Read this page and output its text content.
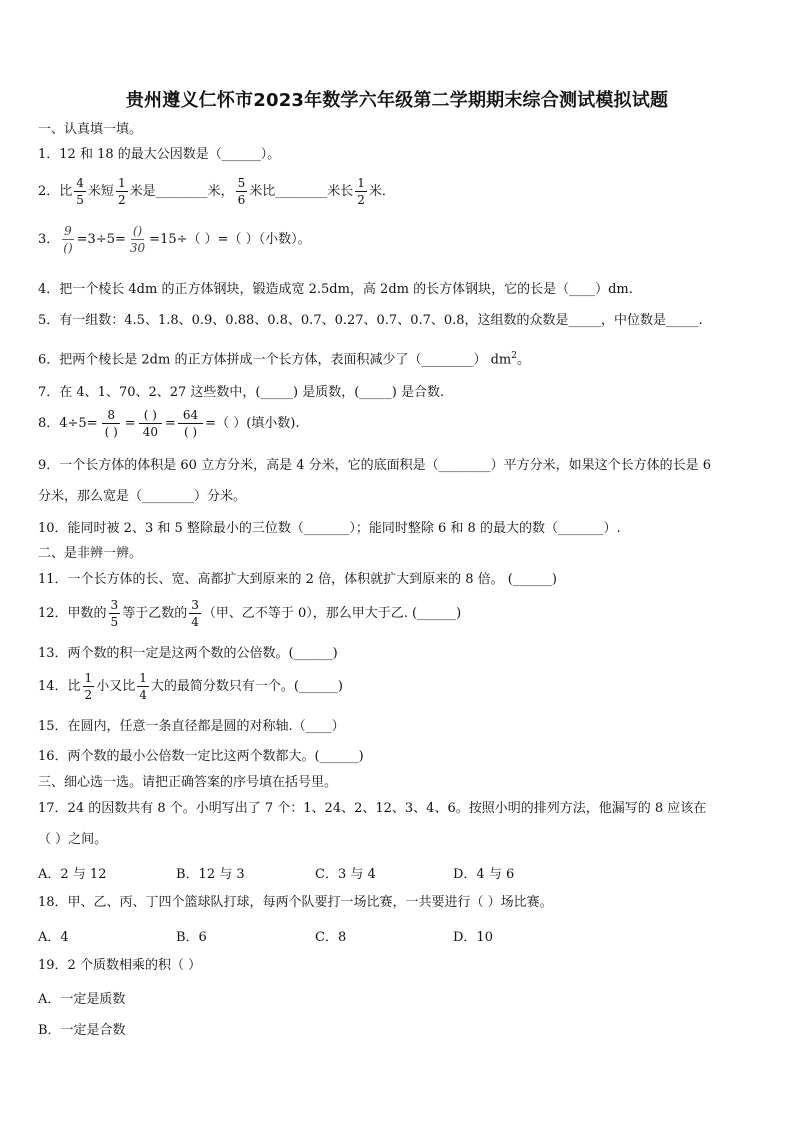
贵州遵义仁怀市2023年数学六年级第二学期期末综合测试模拟试题
一、认真填一填。
1．12 和 18 的最大公因数是（______）。
2．比 $\frac{4}{5}$ 米短 $\frac{1}{2}$ 米是________米， $\frac{5}{6}$ 米比________米长 $\frac{1}{2}$ 米．
3． $\frac{9}{()} =3\div 5= \frac{()}{30} =15\div$（ ）=（ ）（小数）。
4．把一个棱长 4dm 的正方体钢块，锻造成宽 2.5dm，高 2dm 的长方体钢块，它的长是（____）dm.
5．有一组数：4.5、1.8、0.9、0.88、0.8、0.7、0.27、0.7、0.7、0.8，这组数的众数是_____，中位数是_____.
6．把两个棱长是 2dm 的正方体拼成一个长方体，表面积减少了（________） $dm^2$。
7．在 4、1、70、2、27 这些数中，(_____) 是质数，(_____) 是合数.
8．$4\div 5= \frac{8}{( )} = \frac{( )}{40} = \frac{64}{( )}$ =（ ）(填小数).
9．一个长方体的体积是 60 立方分米，高是 4 分米，它的底面积是（________）平方分米，如果这个长方体的长是 6
分米，那么宽是（________）分米。
10．能同时被 2、3 和 5 整除最小的三位数（_______）；能同时整除 6 和 8 的最大的数（_______）.
二、是非辨一辨。
11．一个长方体的长、宽、高都扩大到原来的 2 倍，体积就扩大到原来的 8 倍。 (______)
12．甲数的 $\frac{3}{5}$ 等于乙数的 $\frac{3}{4}$ （甲、乙不等于 0），那么甲大于乙. (______)
13．两个数的积一定是这两个数的公倍数。(______)
14．比 $\frac{1}{2}$ 小又比 $\frac{1}{4}$ 大的最简分数只有一个。(______)
15．在圆内，任意一条直径都是圆的对称轴.（____）
16．两个数的最小公倍数一定比这两个数都大。(______)
三、细心选一选。请把正确答案的序号填在括号里。
17．24 的因数共有 8 个。小明写出了 7 个：1、24、2、12、3、4、6。按照小明的排列方法，他漏写的 8 应该在
（ ）之间。
A．2 与 12	B．12 与 3	C．3 与 4	D．4 与 6
18．甲、乙、丙、丁四个篮球队打球，每两个队要打一场比赛，一共要进行（ ）场比赛。
A．4	B．6	C．8	D．10
19．2 个质数相乘的积（ ）
A．一定是质数
B．一定是合数
